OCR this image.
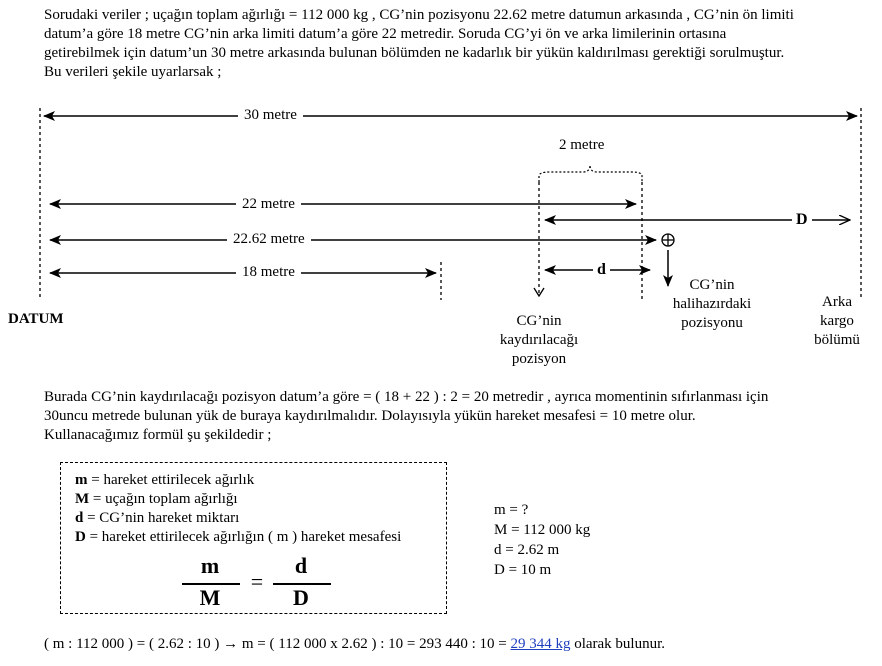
Sorudaki veriler ; uçağın toplam ağırlığı = 112 000 kg , CG’nin pozisyonu 22.62 metre datumun arkasında , CG’nin ön limiti
datum’a göre 18 metre CG’nin arka limiti datum’a göre 22 metredir. Soruda CG’yi ön ve arka limilerinin ortasına
getirebilmek için datum’un 30 metre arkasında bulunan bölümden ne kadarlık bir yükün kaldırılması gerektiği sorulmuştur.
Bu verileri şekile uyarlarsak ;
30 metre
2 metre
22 metre
D
22.62 metre
18 metre	d
DATUM	CG’nin
kaydırılacağı
pozisyon
CG’nin
halihazırdaki
pozisyonu
Arka
kargo
bölümü
Burada CG’nin kaydırılacağı pozisyon datum’a göre = ( 18 + 22 ) : 2 = 20 metredir , ayrıca momentinin sıfırlanması için
30uncu metrede bulunan yük de buraya kaydırılmalıdır. Dolayısıyla yükün hareket mesafesi = 10 metre olur.
Kullanacağımız formül şu şekildedir ;
m = hareket ettirilecek ağırlık
M = uçağın toplam ağırlığı
d = CG’nin hareket miktarı
D = hareket ettirilecek ağırlığın ( m ) hareket mesafesi
m
M
=
d
D
m = ?
M = 112 000 kg
d = 2.62 m
D = 10 m
( m : 112 000 ) = ( 2.62 : 10 ) → m = ( 112 000 x 2.62 ) : 10 = 293 440 : 10 = 29 344 kg olarak bulunur.
